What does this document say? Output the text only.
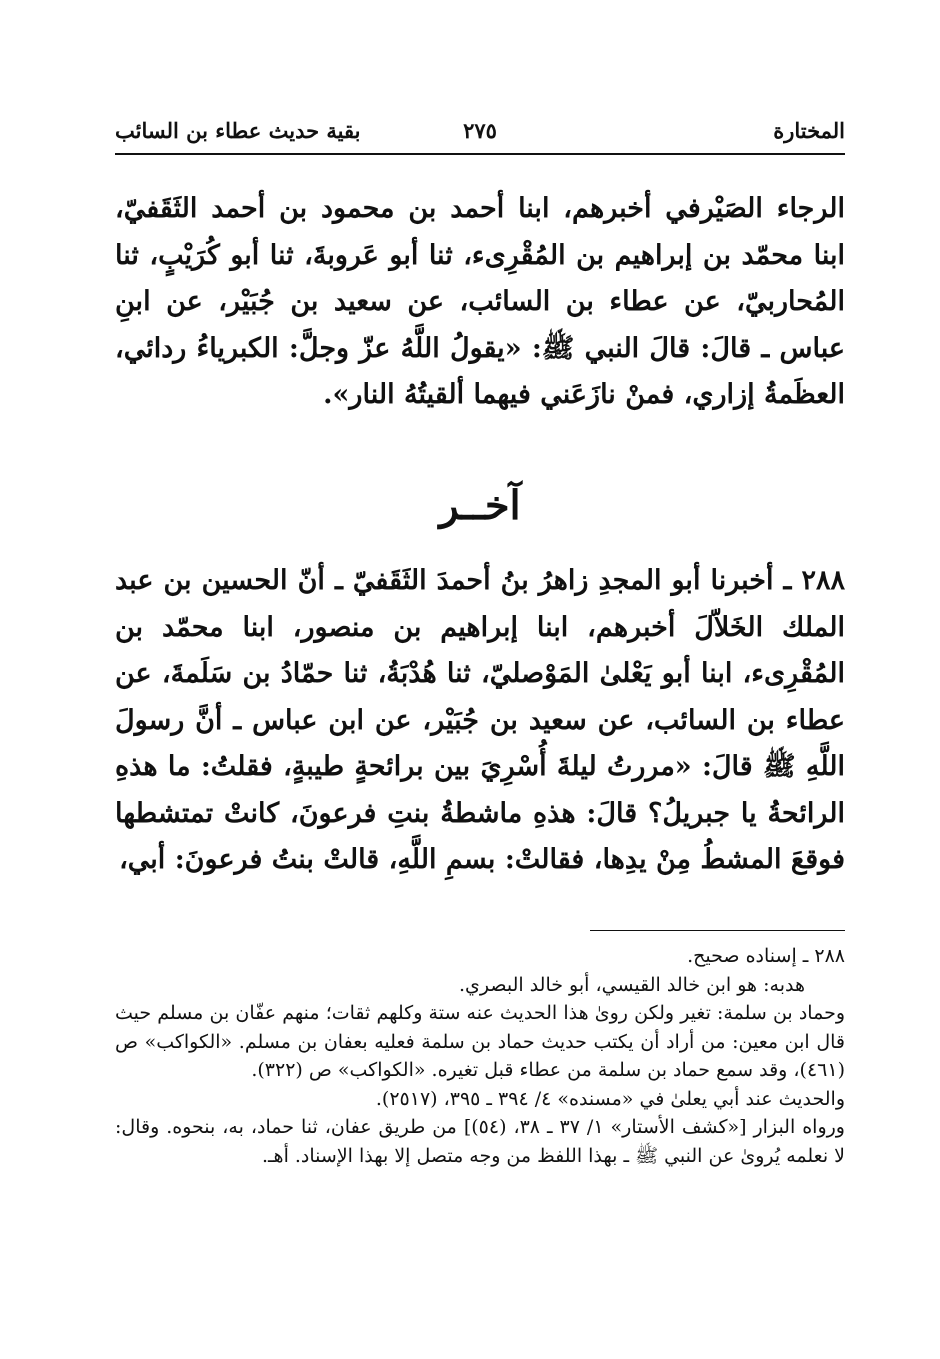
المختارة
٢٧٥
بقية حديث عطاء بن السائب
الرجاء الصَيْرفي أخبرهم، ابنا أحمد بن محمود بن أحمد الثَقَفيّ، ابنا محمّد بن إبراهيم بن المُقْرِىء، ثنا أبو عَروبةَ، ثنا أبو كُرَيْبٍ، ثنا المُحاربيّ، عن عطاء بن السائب، عن سعيد بن جُبَيْر، عن ابنِ عباس ـ قالَ: قالَ النبي ﷺ: «يقولُ اللَّهُ عزّ وجلَّ: الكبرياءُ ردائي، العظَمةُ إزاري، فمنْ نازَعَني فيهما ألقيتُهُ النار».
آخــر
٢٨٨ ـ أخبرنا أبو المجدِ زاهرُ بنُ أحمدَ الثَقَفيّ ـ أنّ الحسين بن عبد الملك الخَلاّلَ أخبرهم، ابنا إبراهيم بن منصور، ابنا محمّد بن المُقْرِىء، ابنا أبو يَعْلىٰ المَوْصليّ، ثنا هُدْبَةُ، ثنا حمّادُ بن سَلَمةَ، عن عطاء بن السائب، عن سعيد بن جُبَيْر، عن ابن عباس ـ أنَّ رسولَ اللَّهِ ﷺ قالَ: «مررتُ ليلةَ أُسْرِيَ بين برائحةٍ طيبةٍ، فقلتُ: ما هذهِ الرائحةُ يا جبريلُ؟ قالَ: هذهِ ماشطةُ بنتِ فرعونَ، كانتْ تمتشطها فوقعَ المشطُ مِنْ يدِها، فقالتْ: بسمِ اللَّهِ، قالتْ بنتُ فرعونَ: أبي،

٢٨٨ ـ إسناده صحيح.

هدبه: هو ابن خالد القيسي، أبو خالد البصري.

وحماد بن سلمة: تغير ولكن روىٰ هذا الحديث عنه ستة وكلهم ثقات؛ منهم عفّان بن مسلم حيث قال ابن معين: من أراد أن يكتب حديث حماد بن سلمة فعليه بعفان بن مسلم. «الكواكب» ص (٤٦١)، وقد سمع حماد بن سلمة من عطاء قبل تغيره. «الكواكب» ص (٣٢٢).

والحديث عند أبي يعلىٰ في «مسنده» ٤/ ٣٩٤ ـ ٣٩٥، (٢٥١٧).

ورواه البزار [«كشف الأستار» ١/ ٣٧ ـ ٣٨، (٥٤)] من طريق عفان، ثنا حماد، به، بنحوه. وقال: لا نعلمه يُروىٰ عن النبي ﷺ ـ بهذا اللفظ من وجه متصل إلا بهذا الإسناد. أهـ.
